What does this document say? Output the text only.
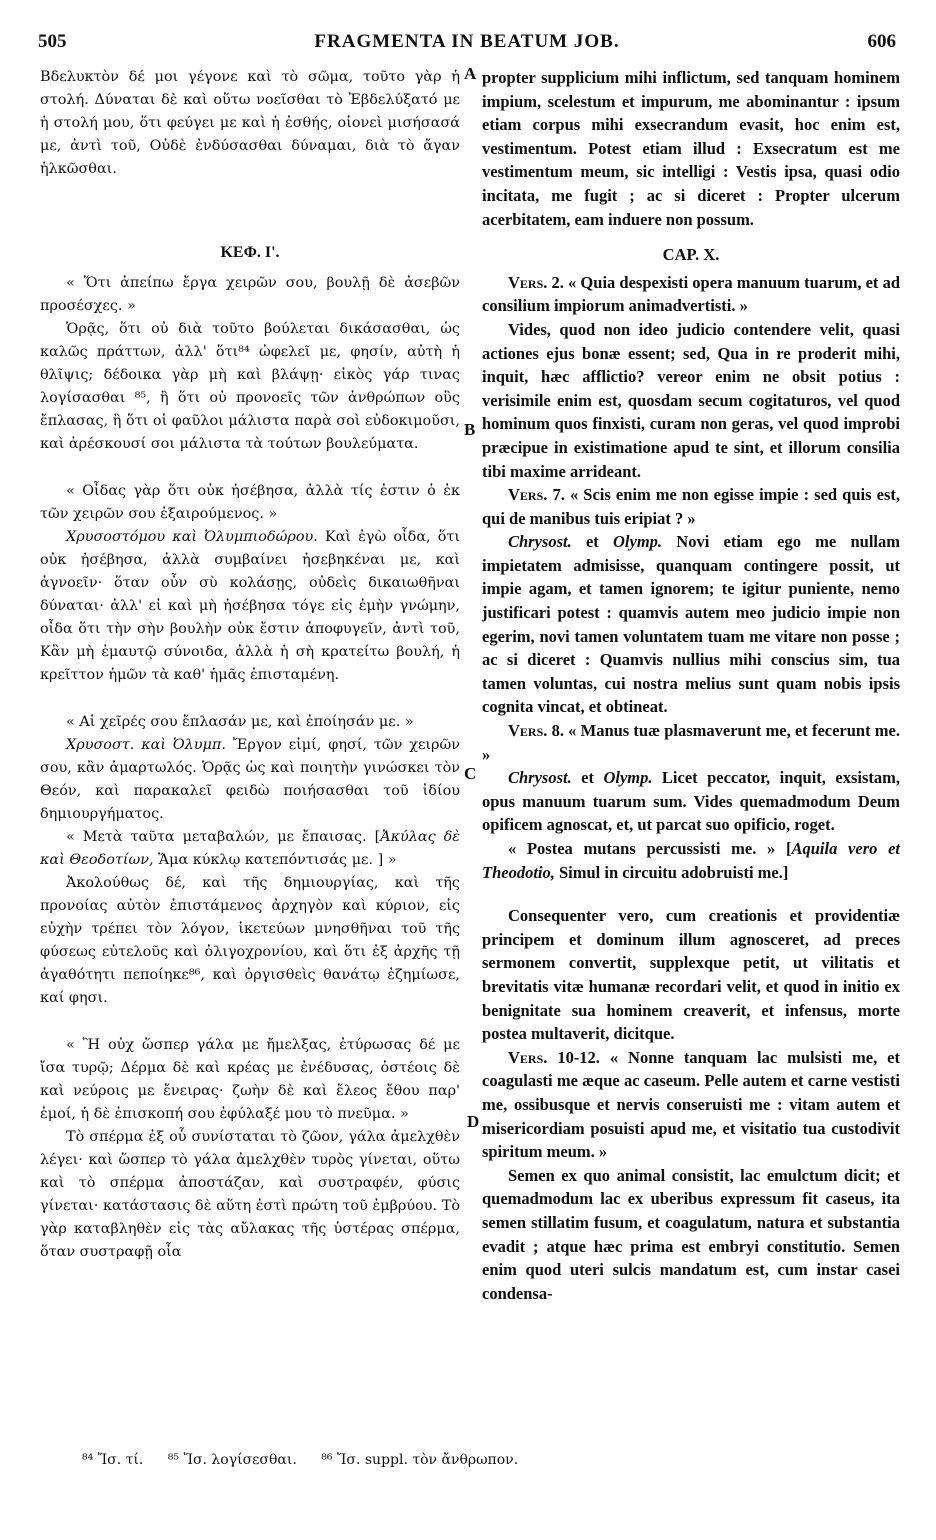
505	FRAGMENTA IN BEATUM JOB.	606
A
B
C
D

Βδελυκτὸν δέ μοι γέγονε καὶ τὸ σῶμα, τοῦτο γὰρ ἡ στολή. Δύναται δὲ καὶ οὕτω νοεῖσθαι τὸ Ἐβδελύξατό με ἡ στολή μου, ὅτι φεύγει με καὶ ἡ ἐσθής, οἱονεὶ μισήσασά με, ἀντὶ τοῦ, Οὐδὲ ἐνδύσασθαι δύναμαι, διὰ τὸ ἄγαν ἡλκῶσθαι.

ΚΕΦ. Ι'.

« Ὅτι ἀπείπω ἔργα χειρῶν σου, βουλῇ δὲ ἀσεβῶν προσέσχες. »

Ὁρᾷς, ὅτι οὐ διὰ τοῦτο βούλεται δικάσασθαι, ὡς καλῶς πράττων, ἀλλ' ὅτι⁸⁴ ὠφελεῖ με, φησίν, αὐτὴ ἡ θλῖψις; δέδοικα γὰρ μὴ καὶ βλάψῃ· εἰκὸς γάρ τινας λογίσασθαι ⁸⁵, ἢ ὅτι οὐ προνοεῖς τῶν ἀνθρώπων οὓς ἔπλασας, ἢ ὅτι οἱ φαῦλοι μάλιστα παρὰ σοὶ εὐδοκιμοῦσι, καὶ ἀρέσκουσί σοι μάλιστα τὰ τούτων βουλεύματα.

« Οἶδας γὰρ ὅτι οὐκ ἠσέβησα, ἀλλὰ τίς ἐστιν ὁ ἐκ τῶν χειρῶν σου ἐξαιρούμενος. »

Χρυσοστόμου καὶ Ὀλυμπιοδώρου. Καὶ ἐγὼ οἶδα, ὅτι οὐκ ἠσέβησα, ἀλλὰ συμβαίνει ἠσεβηκέναι με, καὶ ἀγνοεῖν· ὅταν οὖν σὺ κολάσῃς, οὐδεὶς δικαιωθῆναι δύναται· ἀλλ' εἰ καὶ μὴ ἠσέβησα τόγε εἰς ἐμὴν γνώμην, οἶδα ὅτι τὴν σὴν βουλὴν οὐκ ἔστιν ἀποφυγεῖν, ἀντὶ τοῦ, Κἂν μὴ ἐμαυτῷ σύνοιδα, ἀλλὰ ἡ σὴ κρατείτω βουλή, ἡ κρεῖττον ἡμῶν τὰ καθ' ἡμᾶς ἐπισταμένη.

« Αἱ χεῖρές σου ἔπλασάν με, καὶ ἐποίησάν με. »

Χρυσοστ. καὶ Ὀλυμπ. Ἔργον εἰμί, φησί, τῶν χειρῶν σου, κἂν ἁμαρτωλός. Ὁρᾷς ὡς καὶ ποιητὴν γινώσκει τὸν Θεόν, καὶ παρακαλεῖ φειδὼ ποιήσασθαι τοῦ ἰδίου δημιουργήματος.

« Μετὰ ταῦτα μεταβαλών, με ἔπαισας. [Ἀκύλας δὲ καὶ Θεοδοτίων, Ἅμα κύκλῳ κατεπόντισάς με. ] »

Ἀκολούθως δέ, καὶ τῆς δημιουργίας, καὶ τῆς προνοίας αὐτὸν ἐπιστάμενος ἀρχηγὸν καὶ κύριον, εἰς εὐχὴν τρέπει τὸν λόγον, ἱκετεύων μνησθῆναι τοῦ τῆς φύσεως εὐτελοῦς καὶ ὀλιγοχρονίου, καὶ ὅτι ἐξ ἀρχῆς τῇ ἀγαθότητι πεποίηκε⁸⁶, καὶ ὀργισθεὶς θανάτῳ ἐζημίωσε, καί φησι.

« Ἢ οὐχ ὥσπερ γάλα με ἤμελξας, ἐτύρωσας δέ με ἴσα τυρῷ; Δέρμα δὲ καὶ κρέας με ἐνέδυσας, ὀστέοις δὲ καὶ νεύροις με ἔνειρας· ζωὴν δὲ καὶ ἔλεος ἔθου παρ' ἐμοί, ἡ δὲ ἐπισκοπή σου ἐφύλαξέ μου τὸ πνεῦμα. »

Τὸ σπέρμα ἐξ οὗ συνίσταται τὸ ζῶον, γάλα ἀμελχθὲν λέγει· καὶ ὥσπερ τὸ γάλα ἀμελχθὲν τυρὸς γίνεται, οὕτω καὶ τὸ σπέρμα ἀποστάζαν, καὶ συστραφέν, φύσις γίνεται· κατάστασις δὲ αὕτη ἐστὶ πρώτη τοῦ ἐμβρύου. Τὸ γὰρ καταβληθὲν εἰς τὰς αὔλακας τῆς ὑστέρας σπέρμα, ὅταν συστραφῇ οἷα

propter supplicium mihi inflictum, sed tanquam hominem impium, scelestum et impurum, me abominantur : ipsum etiam corpus mihi exsecrandum evasit, hoc enim est, vestimentum. Potest etiam illud : Exsecratum est me vestimentum meum, sic intelligi : Vestis ipsa, quasi odio incitata, me fugit ; ac si diceret : Propter ulcerum acerbitatem, eam induere non possum.

CAP. X.

Vers. 2. « Quia despexisti opera manuum tuarum, et ad consilium impiorum animadvertisti. »

Vides, quod non ideo judicio contendere velit, quasi actiones ejus bonæ essent; sed, Qua in re proderit mihi, inquit, hæc afflictio? vereor enim ne obsit potius : verisimile enim est, quosdam secum cogitaturos, vel quod hominum quos finxisti, curam non geras, vel quod improbi præcipue in existimatione apud te sint, et illorum consilia tibi maxime arrideant.

Vers. 7. « Scis enim me non egisse impie : sed quis est, qui de manibus tuis eripiat ? »

Chrysost. et Olymp. Novi etiam ego me nullam impietatem admisisse, quanquam contingere possit, ut impie agam, et tamen ignorem; te igitur puniente, nemo justificari potest : quamvis autem meo judicio impie non egerim, novi tamen voluntatem tuam me vitare non posse ; ac si diceret : Quamvis nullius mihi conscius sim, tua tamen voluntas, cui nostra melius sunt quam nobis ipsis cognita vincat, et obtineat.

Vers. 8. « Manus tuæ plasmaverunt me, et fecerunt me. »

Chrysost. et Olymp. Licet peccator, inquit, exsistam, opus manuum tuarum sum. Vides quemadmodum Deum opificem agnoscat, et, ut parcat suo opificio, roget.

« Postea mutans percussisti me. » [Aquila vero et Theodotio, Simul in circuitu adobruisti me.]

Consequenter vero, cum creationis et providentiæ principem et dominum illum agnosceret, ad preces sermonem convertit, supplexque petit, ut vilitatis et brevitatis vitæ humanæ recordari velit, et quod in initio ex benignitate sua hominem creaverit, et infensus, morte postea multaverit, dicitque.

Vers. 10-12. « Nonne tanquam lac mulsisti me, et coagulasti me æque ac caseum. Pelle autem et carne vestisti me, ossibusque et nervis conseruisti me : vitam autem et misericordiam posuisti apud me, et visitatio tua custodivit spiritum meum. »

Semen ex quo animal consistit, lac emulctum dicit; et quemadmodum lac ex uberibus expressum fit caseus, ita semen stillatim fusum, et coagulatum, natura et substantia evadit ; atque hæc prima est embryi constitutio. Semen enim quod uteri sulcis mandatum est, cum instar casei condensa-

⁸⁴ Ἴσ. τί. ⁸⁵ Ἴσ. λογίσεσθαι. ⁸⁶ Ἴσ. suppl. τὸν ἄνθρωπον.
